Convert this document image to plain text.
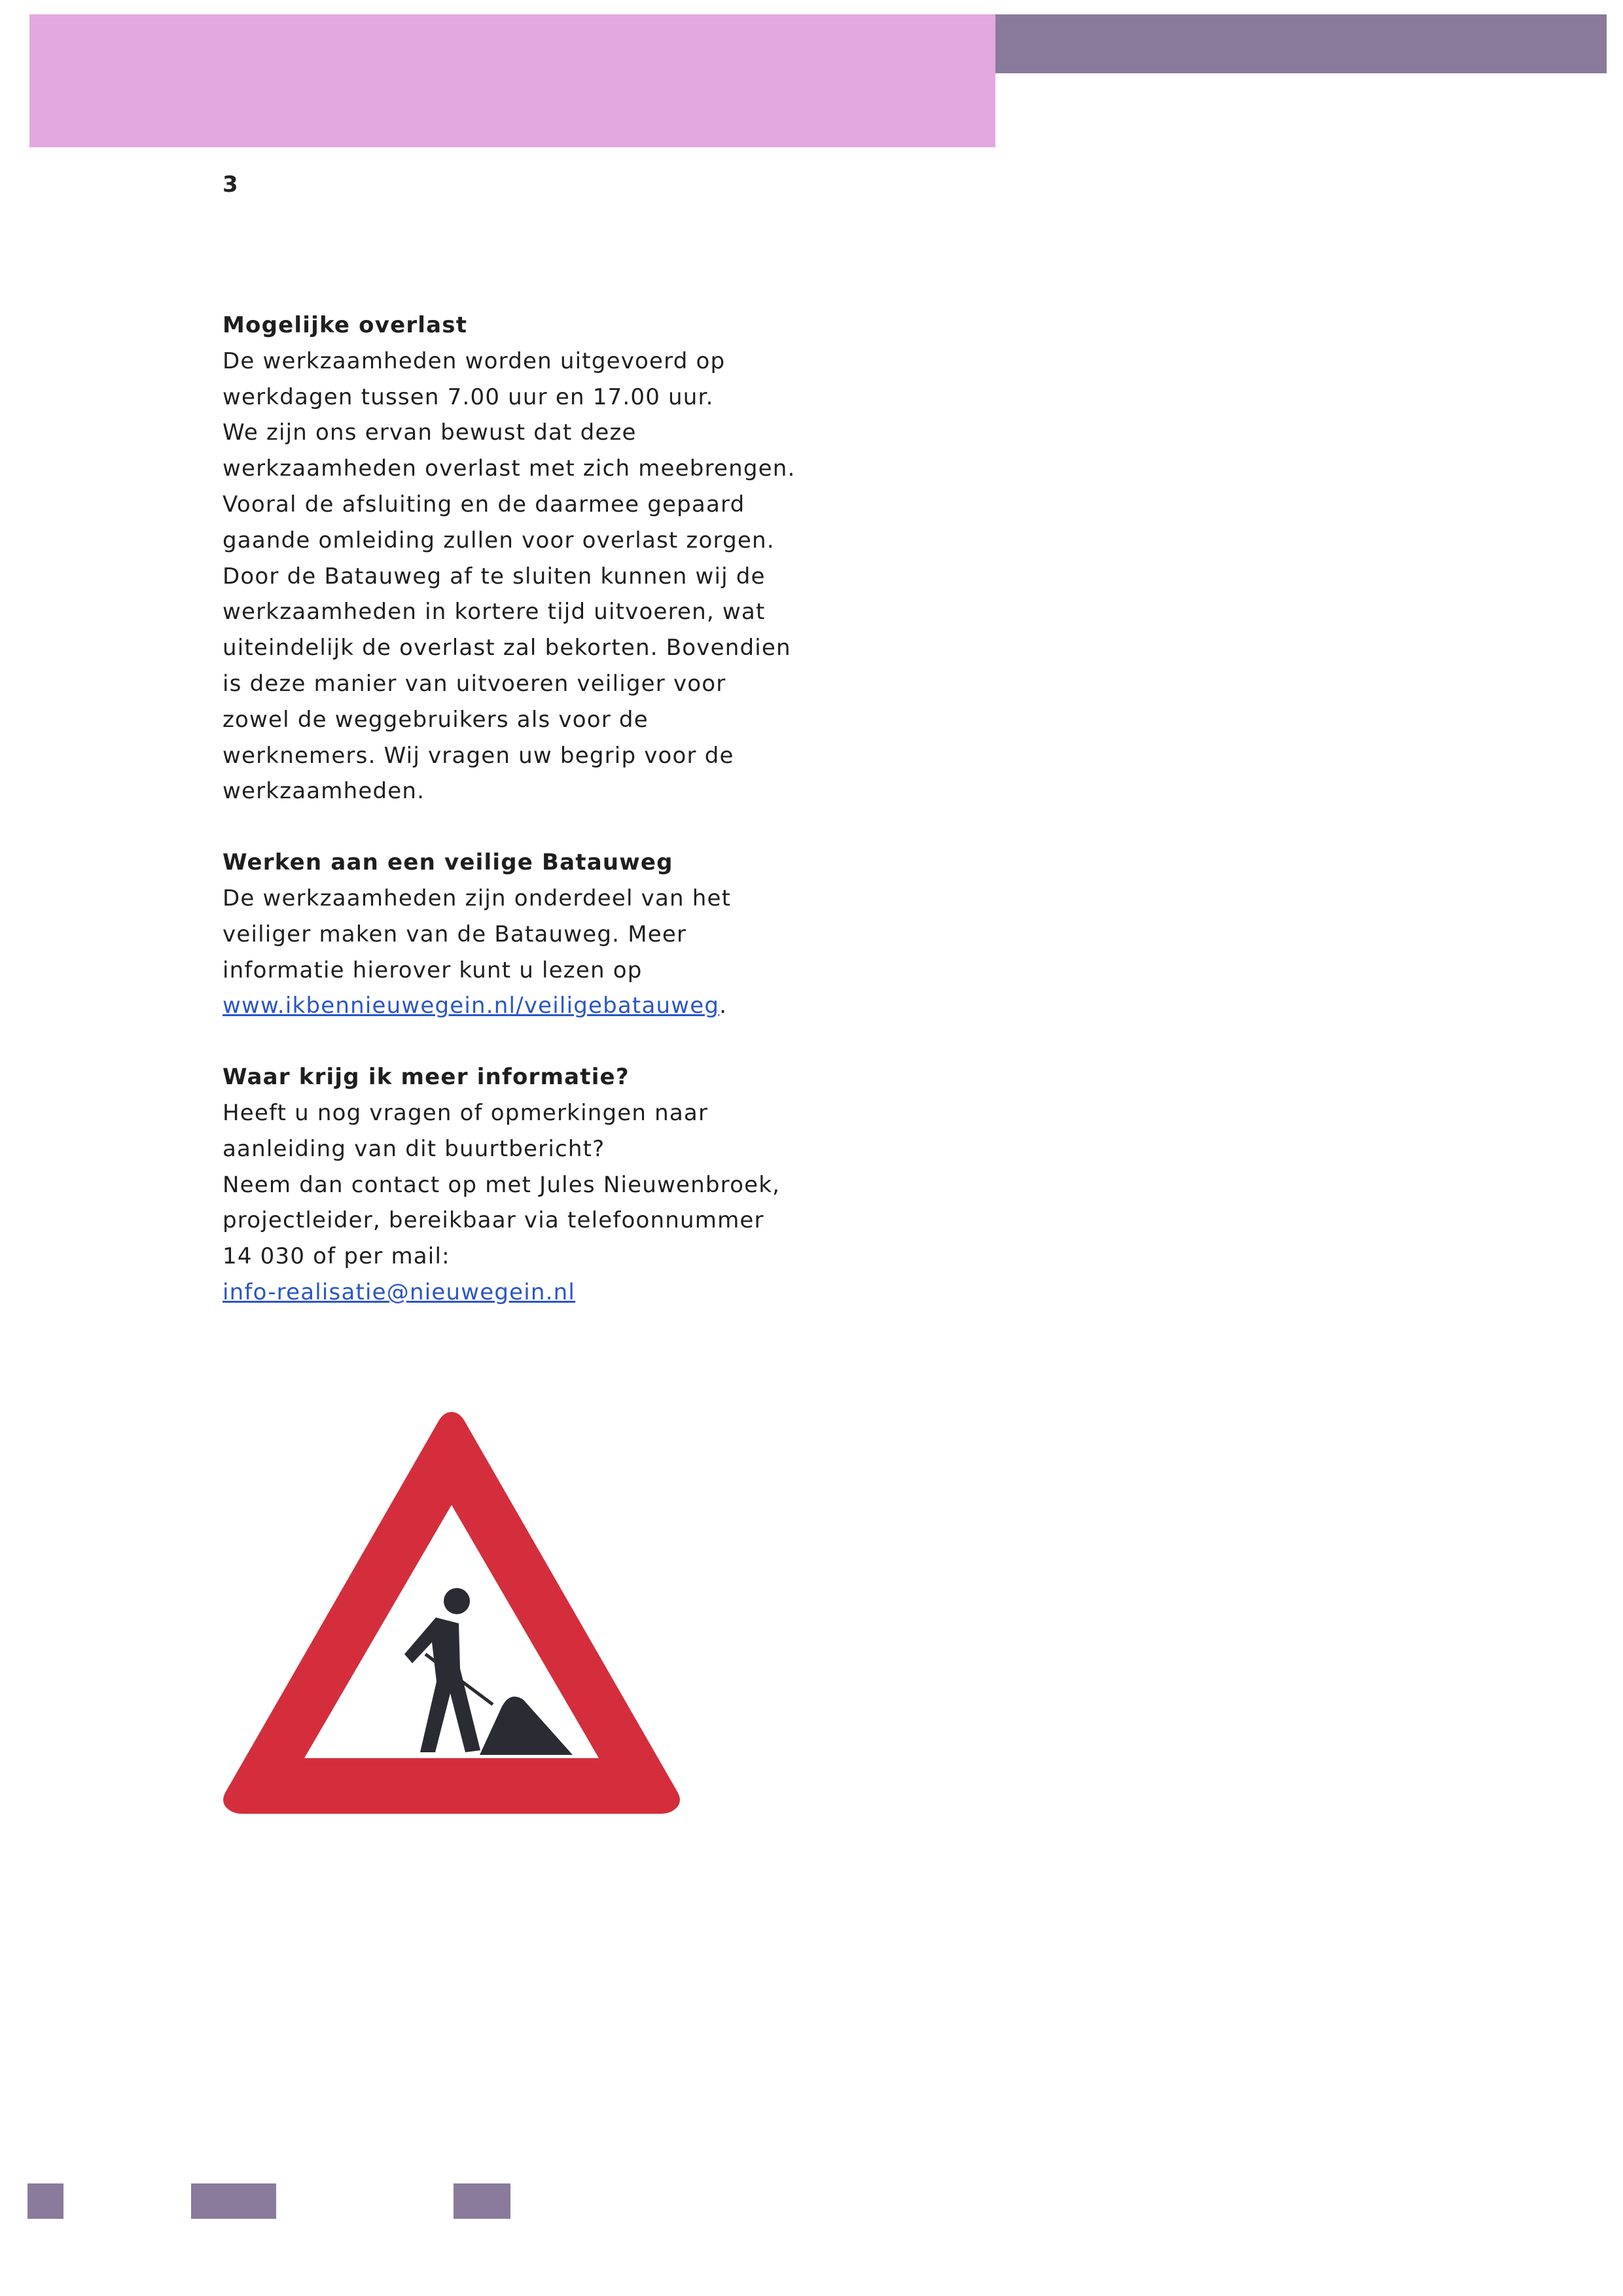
3
Mogelijke overlast

De werkzaamheden worden uitgevoerd op
werkdagen tussen 7.00 uur en 17.00 uur.
We zijn ons ervan bewust dat deze
werkzaamheden overlast met zich meebrengen.
Vooral de afsluiting en de daarmee gepaard
gaande omleiding zullen voor overlast zorgen.
Door de Batauweg af te sluiten kunnen wij de
werkzaamheden in kortere tijd uitvoeren, wat
uiteindelijk de overlast zal bekorten. Bovendien
is deze manier van uitvoeren veiliger voor
zowel de weggebruikers als voor de
werknemers. Wij vragen uw begrip voor de
werkzaamheden.

Werken aan een veilige Batauweg

De werkzaamheden zijn onderdeel van het
veiliger maken van de Batauweg. Meer
informatie hierover kunt u lezen op
www.ikbennieuwegein.nl/veiligebatauweg.

Waar krijg ik meer informatie?

Heeft u nog vragen of opmerkingen naar
aanleiding van dit buurtbericht?
Neem dan contact op met Jules Nieuwenbroek,
projectleider, bereikbaar via telefoonnummer
14 030 of per mail:
info-realisatie@nieuwegein.nl
